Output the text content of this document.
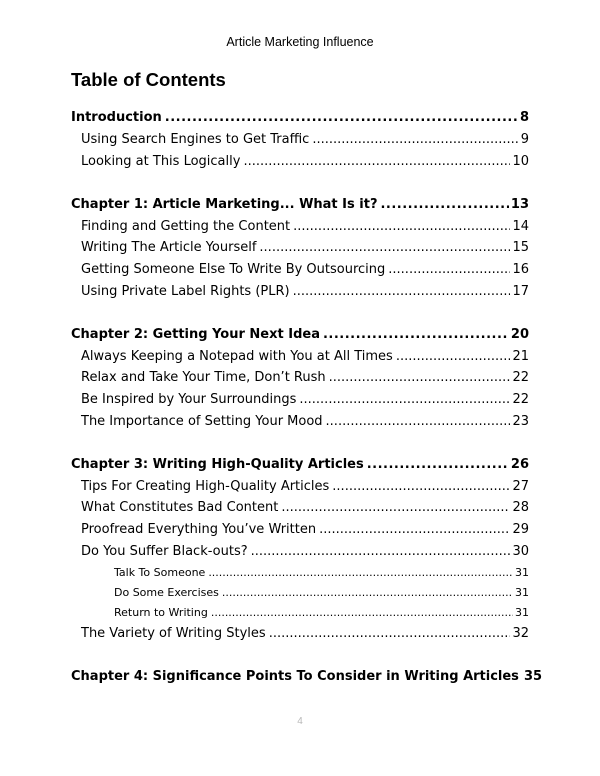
Article Marketing Influence
Table of Contents
Introduction .....	8
Using Search Engines to Get Traffic .....	9
Looking at This Logically .....	10
Chapter 1: Article Marketing... What Is it? .....	13
Finding and Getting the Content .....	14
Writing The Article Yourself .....	15
Getting Someone Else To Write By Outsourcing .....	16
Using Private Label Rights (PLR) .....	17
Chapter 2: Getting Your Next Idea .....	20
Always Keeping a Notepad with You at All Times .....	21
Relax and Take Your Time, Don’t Rush .....	22
Be Inspired by Your Surroundings .....	22
The Importance of Setting Your Mood .....	23
Chapter 3: Writing High-Quality Articles .....	26
Tips For Creating High-Quality Articles .....	27
What Constitutes Bad Content .....	28
Proofread Everything You’ve Written .....	29
Do You Suffer Black-outs? .....	30
Talk To Someone .....	31
Do Some Exercises .....	31
Return to Writing .....	31
The Variety of Writing Styles .....	32
Chapter 4: Significance Points To Consider in Writing Articles 35
4
